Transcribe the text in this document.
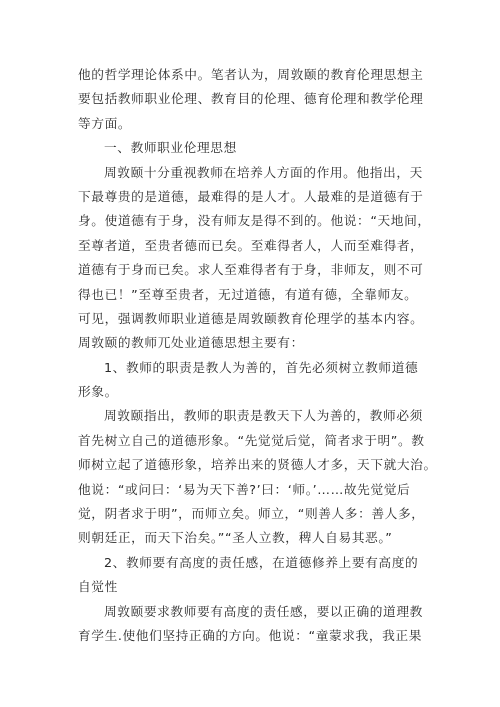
他的哲学理论体系中。笔者认为，周敦颐的教育伦理思想主
要包括教师职业伦理、教育目的伦理、德育伦理和教学伦理
等方面。
一、教师职业伦理思想
周敦颐十分重视教师在培养人方面的作用。他指出，天
下最尊贵的是道德，最难得的是人才。人最难的是道德有于
身。使道德有于身，没有师友是得不到的。他说：“天地间，
至尊者道，至贵者德而已矣。至难得者人，人而至难得者，
道德有于身而已矣。求人至难得者有于身，非师友，则不可
得也已！”至尊至贵者，无过道德，有道有德，全靠师友。
可见，强调教师职业道德是周敦颐教育伦理学的基本内容。
周敦颐的教师兀处业道德思想主要有：
1、教师的职责是教人为善的，首先必须树立教师道德
形象。
周敦颐指出，教师的职责是教天下人为善的，教师必须
首先树立自己的道德形象。“先觉觉后觉，简者求于明”。教
师树立起了道德形象，培养出来的贤德人才多，天下就大治。
他说：“或问曰：‘易为天下善?’曰：‘师。’……故先觉觉后
觉，阴者求于明”，而师立矣。师立，“则善人多：善人多，
则朝廷正，而天下治矣。”“圣人立教，稗人自易其恶。”
2、教师要有高度的责任感，在道德修养上要有高度的
自觉性
周敦颐要求教师要有高度的责任感，要以正确的道理教
育学生.使他们坚持正确的方向。他说：“童蒙求我，我正果
